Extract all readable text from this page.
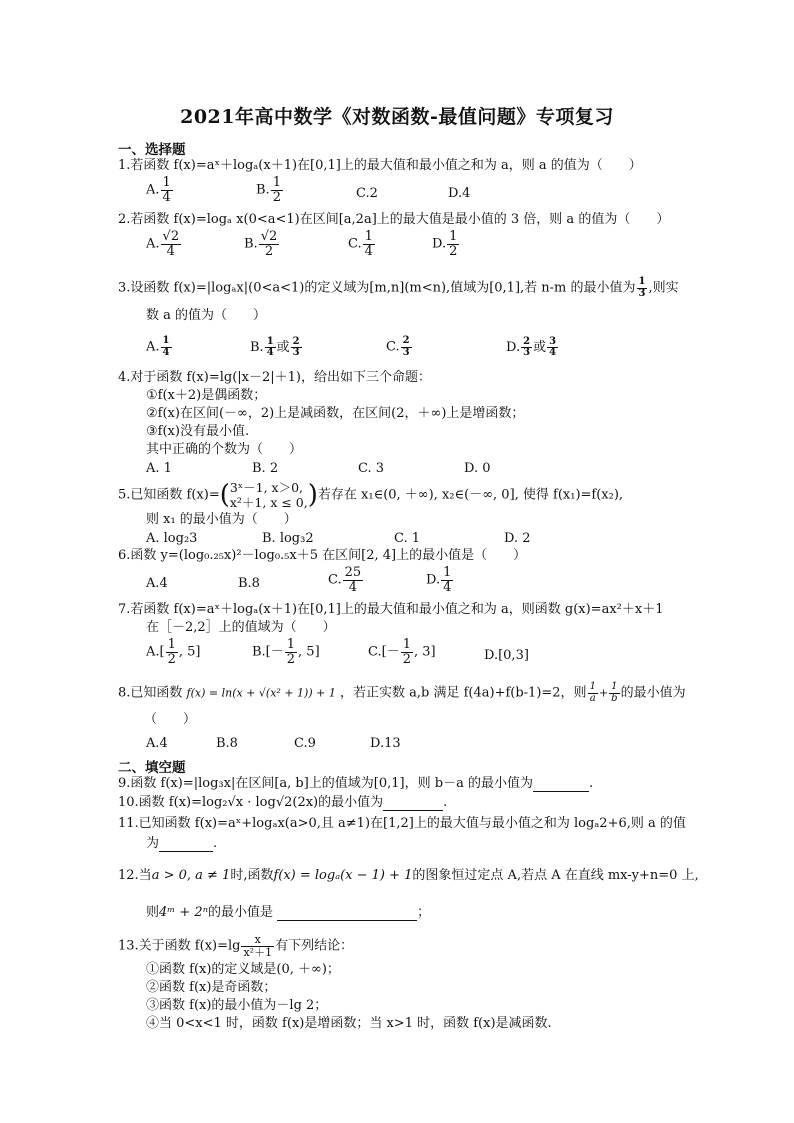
2021年高中数学《对数函数-最值问题》专项复习
一、选择题
1.若函数 f(x)=aˣ＋logₐ(x＋1)在[0,1]上的最大值和最小值之和为 a，则 a 的值为（　　）
A. $\frac{1}{4}$	B. $\frac{1}{2}$	C.2	D.4
2.若函数 f(x)=logₐ x(0<a<1)在区间[a,2a]上的最大值是最小值的 3 倍，则 a 的值为（　　）
A. $\frac{√2}{4}$	B. $\frac{√2}{2}$	C. $\frac{1}{4}$	D. $\frac{1}{2}$
3.设函数 f(x)=|logₐx|(0<a<1)的定义域为[m,n](m<n),值域为[0,1],若 n-m 的最小值为 $\frac{1}{3}$ ,则实
数 a 的值为（　　）
A. $\frac{1}{4}$	B. $\frac{1}{4}$ 或 $\frac{2}{3}$	C. $\frac{2}{3}$	D. $\frac{2}{3}$ 或 $\frac{3}{4}$
4.对于函数 f(x)=lg(|x－2|＋1)，给出如下三个命题：
①f(x＋2)是偶函数；
②f(x)在区间(－∞，2)上是减函数，在区间(2，＋∞)上是增函数；
③f(x)没有最小值.
其中正确的个数为（　　）
A. 1	B. 2	C. 3	D. 0
5.已知函数 f(x)=( 3ˣ－1, x＞0,
x²＋1, x ≤ 0, )若存在 x₁∈(0, ＋∞), x₂∈(－∞, 0], 使得 f(x₁)=f(x₂),
则 x₁ 的最小值为（　　）
A. log₂3	B. log₃2	C. 1	D. 2
6.函数 y=(log₀.₂₅x)²－log₀.₅x＋5 在区间[2, 4]上的最小值是（　　）
A.4	B.8	C. $\frac{25}{4}$	D. $\frac{1}{4}$
7.若函数 f(x)=aˣ＋logₐ(x＋1)在[0,1]上的最大值和最小值之和为 a，则函数 g(x)=ax²＋x＋1
在［－2,2］上的值域为（　　）
$A.[ \frac{1}{2}$ , 5]	$B.[- \frac{1}{2}$ , 5]	$C.[- \frac{1}{2}$ , 3]	D.[0,3]
8.已知函数 f(x) = ln(x + √(x² + 1)) + 1 ，若正实数 a,b 满足 f(4a)+f(b-1)=2，则 $\frac{1}{a} + \frac{1}{b}$ 的最小值为
（　　）
A.4	B.8	C.9	D.13
二、填空题
9.函数 f(x)=|log₃x|在区间[a, b]上的值域为[0,1]，则 b－a 的最小值为	.
10.函数 f(x)=log₂√x · log√2(2x)的最小值为	.
11.已知函数 f(x)=aˣ+logₐx(a>0,且 a≠1)在[1,2]上的最大值与最小值之和为 logₐ2+6,则 a 的值
为	.
12.当a > 0, a ≠ 1时,函数f(x) = logₐ(x − 1) + 1的图象恒过定点 A,若点 A 在直线 mx-y+n=0 上,
则4ᵐ + 2ⁿ的最小值是	；
13.关于函数 $f(x)=\lg \frac{x}{\text{x²＋1}}$ 有下列结论：
①函数 f(x)的定义域是(0, ＋∞)；
②函数 f(x)是奇函数；
③函数 f(x)的最小值为－lg 2；
④当 0<x<1 时，函数 f(x)是增函数；当 x>1 时，函数 f(x)是减函数.
